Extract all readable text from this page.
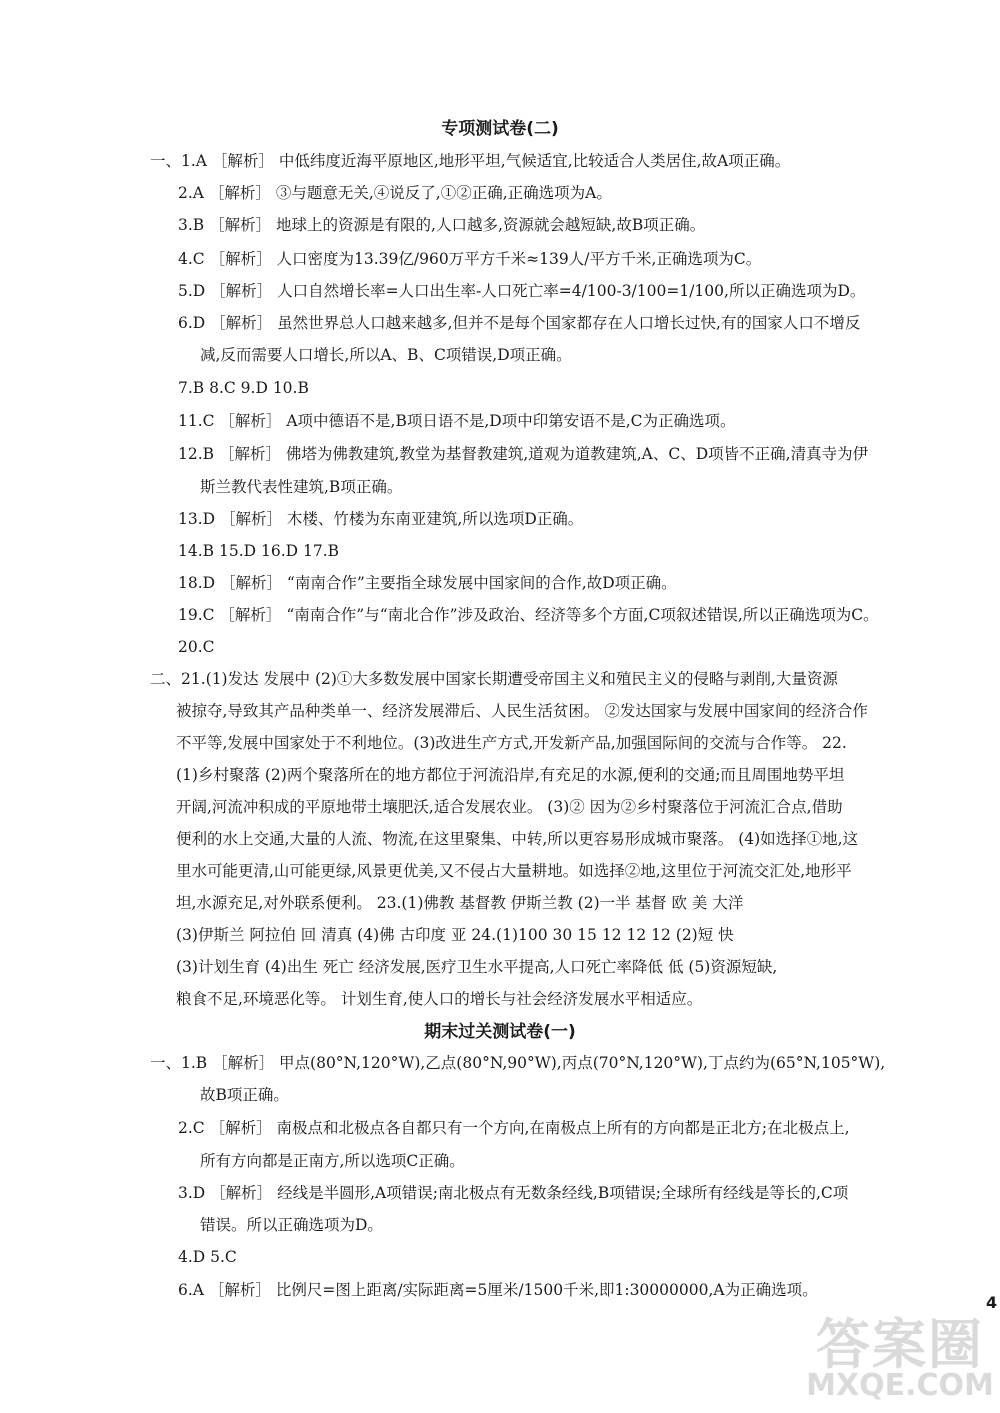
专项测试卷(二)
一、1.A ［解析］ 中低纬度近海平原地区,地形平坦,气候适宜,比较适合人类居住,故A项正确。
2.A ［解析］ ③与题意无关,④说反了,①②正确,正确选项为A。
3.B ［解析］ 地球上的资源是有限的,人口越多,资源就会越短缺,故B项正确。
4.C ［解析］ 人口密度为13.39亿/960万平方千米≈139人/平方千米,正确选项为C。
5.D ［解析］ 人口自然增长率=人口出生率-人口死亡率=4/100-3/100=1/100,所以正确选项为D。
6.D ［解析］ 虽然世界总人口越来越多,但并不是每个国家都存在人口增长过快,有的国家人口不增反
减,反而需要人口增长,所以A、B、C项错误,D项正确。
7.B 8.C 9.D 10.B
11.C ［解析］ A项中德语不是,B项日语不是,D项中印第安语不是,C为正确选项。
12.B ［解析］ 佛塔为佛教建筑,教堂为基督教建筑,道观为道教建筑,A、C、D项皆不正确,清真寺为伊
斯兰教代表性建筑,B项正确。
13.D ［解析］ 木楼、竹楼为东南亚建筑,所以选项D正确。
14.B 15.D 16.D 17.B
18.D ［解析］ “南南合作”主要指全球发展中国家间的合作,故D项正确。
19.C ［解析］ “南南合作”与“南北合作”涉及政治、经济等多个方面,C项叙述错误,所以正确选项为C。
20.C
二、21.(1)发达 发展中 (2)①大多数发展中国家长期遭受帝国主义和殖民主义的侵略与剥削,大量资源
被掠夺,导致其产品种类单一、经济发展滞后、人民生活贫困。 ②发达国家与发展中国家间的经济合作
不平等,发展中国家处于不利地位。(3)改进生产方式,开发新产品,加强国际间的交流与合作等。 22.
(1)乡村聚落 (2)两个聚落所在的地方都位于河流沿岸,有充足的水源,便利的交通;而且周围地势平坦
开阔,河流冲积成的平原地带土壤肥沃,适合发展农业。 (3)② 因为②乡村聚落位于河流汇合点,借助
便利的水上交通,大量的人流、物流,在这里聚集、中转,所以更容易形成城市聚落。 (4)如选择①地,这
里水可能更清,山可能更绿,风景更优美,又不侵占大量耕地。如选择②地,这里位于河流交汇处,地形平
坦,水源充足,对外联系便利。 23.(1)佛教 基督教 伊斯兰教 (2)一半 基督 欧 美 大洋
(3)伊斯兰 阿拉伯 回 清真 (4)佛 古印度 亚 24.(1)100 30 15 12 12 12 (2)短 快
(3)计划生育 (4)出生 死亡 经济发展,医疗卫生水平提高,人口死亡率降低 低 (5)资源短缺,
粮食不足,环境恶化等。 计划生育,使人口的增长与社会经济发展水平相适应。
期末过关测试卷(一)
一、1.B ［解析］ 甲点(80°N,120°W),乙点(80°N,90°W),丙点(70°N,120°W),丁点约为(65°N,105°W),
故B项正确。
2.C ［解析］ 南极点和北极点各自都只有一个方向,在南极点上所有的方向都是正北方;在北极点上,
所有方向都是正南方,所以选项C正确。
3.D ［解析］ 经线是半圆形,A项错误;南北极点有无数条经线,B项错误;全球所有经线是等长的,C项
错误。所以正确选项为D。
4.D 5.C
6.A ［解析］ 比例尺=图上距离/实际距离=5厘米/1500千米,即1:30000000,A为正确选项。
4
答案圈
MXQE.COM
